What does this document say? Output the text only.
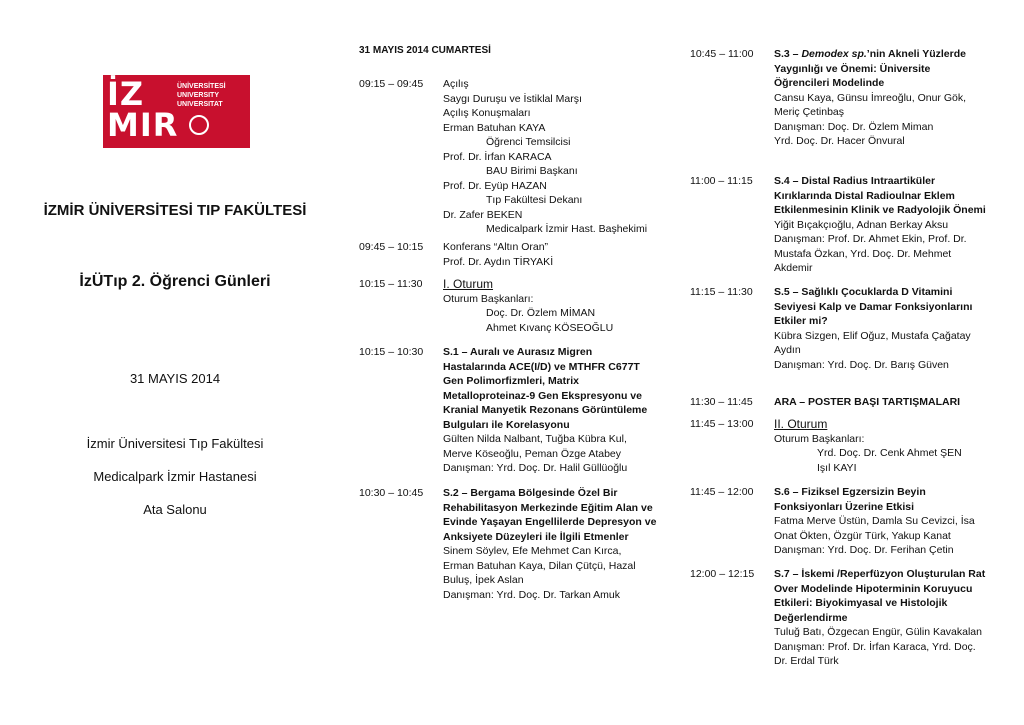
İZ
MIR
ÜNİVERSİTESİ
UNIVERSITY
UNIVERSITAT
İZMİR ÜNİVERSİTESİ TIP FAKÜLTESİ
İzÜTıp 2. Öğrenci Günleri
31 MAYIS 2014
İzmir Üniversitesi Tıp Fakültesi
Medicalpark İzmir Hastanesi
Ata Salonu
31 MAYIS 2014 CUMARTESİ
09:15 – 09:45	Açılış
Saygı Duruşu ve İstiklal Marşı
Açılış Konuşmaları
Erman Batuhan KAYA
Öğrenci Temsilcisi
Prof. Dr. İrfan KARACA
BAU Birimi Başkanı
Prof. Dr. Eyüp HAZAN
Tıp Fakültesi Dekanı
Dr. Zafer BEKEN
Medicalpark İzmir Hast. Başhekimi
09:45 – 10:15	Konferans “Altın Oran”
Prof. Dr. Aydın TİRYAKİ
10:15 – 11:30	I. Oturum
Oturum Başkanları:
Doç. Dr. Özlem MİMAN
Ahmet Kıvanç KÖSEOĞLU
10:15 – 10:30	S.1 – Auralı ve Aurasız Migren
Hastalarında ACE(I/D) ve MTHFR C677T
Gen Polimorfizmleri, Matrix
Metalloproteinaz-9 Gen Ekspresyonu ve
Kranial Manyetik Rezonans Görüntüleme
Bulguları ile Korelasyonu
Gülten Nilda Nalbant, Tuğba Kübra Kul,
Merve Köseoğlu, Peman Özge Atabey
Danışman: Yrd. Doç. Dr. Halil Güllüoğlu
10:30 – 10:45	S.2 – Bergama Bölgesinde Özel Bir
Rehabilitasyon Merkezinde Eğitim Alan ve
Evinde Yaşayan Engellilerde Depresyon ve
Anksiyete Düzeyleri ile İlgili Etmenler
Sinem Söylev, Efe Mehmet Can Kırca,
Erman Batuhan Kaya, Dilan Çütçü, Hazal
Buluş, İpek Aslan
Danışman: Yrd. Doç. Dr. Tarkan Amuk
10:45 – 11:00	S.3 – Demodex sp.’nin Akneli Yüzlerde
Yaygınlığı ve Önemi: Üniversite
Öğrencileri Modelinde
Cansu Kaya, Günsu İmreoğlu, Onur Gök,
Meriç Çetinbaş
Danışman: Doç. Dr. Özlem Miman
Yrd. Doç. Dr. Hacer Önvural
11:00 – 11:15	S.4 – Distal Radius Intraartiküler
Kırıklarında Distal Radioulnar Eklem
Etkilenmesinin Klinik ve Radyolojik Önemi
Yiğit Bıçakçıoğlu, Adnan Berkay Aksu
Danışman: Prof. Dr. Ahmet Ekin, Prof. Dr.
Mustafa Özkan, Yrd. Doç. Dr. Mehmet
Akdemir
11:15 – 11:30	S.5 – Sağlıklı Çocuklarda D Vitamini
Seviyesi Kalp ve Damar Fonksiyonlarını
Etkiler mi?
Kübra Sizgen, Elif Oğuz, Mustafa Çağatay
Aydın
Danışman: Yrd. Doç. Dr. Barış Güven
11:30 – 11:45	ARA – POSTER BAŞI TARTIŞMALARI
11:45 – 13:00	II. Oturum
Oturum Başkanları:
Yrd. Doç. Dr. Cenk Ahmet ŞEN
Işıl KAYI
11:45 – 12:00	S.6 – Fiziksel Egzersizin Beyin
Fonksiyonları Üzerine Etkisi
Fatma Merve Üstün, Damla Su Cevizci, İsa
Onat Ökten, Özgür Türk, Yakup Kanat
Danışman: Yrd. Doç. Dr. Ferihan Çetin
12:00 – 12:15	S.7 – İskemi /Reperfüzyon Oluşturulan Rat
Over Modelinde Hipoterminin Koruyucu
Etkileri: Biyokimyasal ve Histolojik
Değerlendirme
Tuluğ Batı, Özgecan Engür, Gülin Kavakalan
Danışman: Prof. Dr. İrfan Karaca, Yrd. Doç.
Dr. Erdal Türk
